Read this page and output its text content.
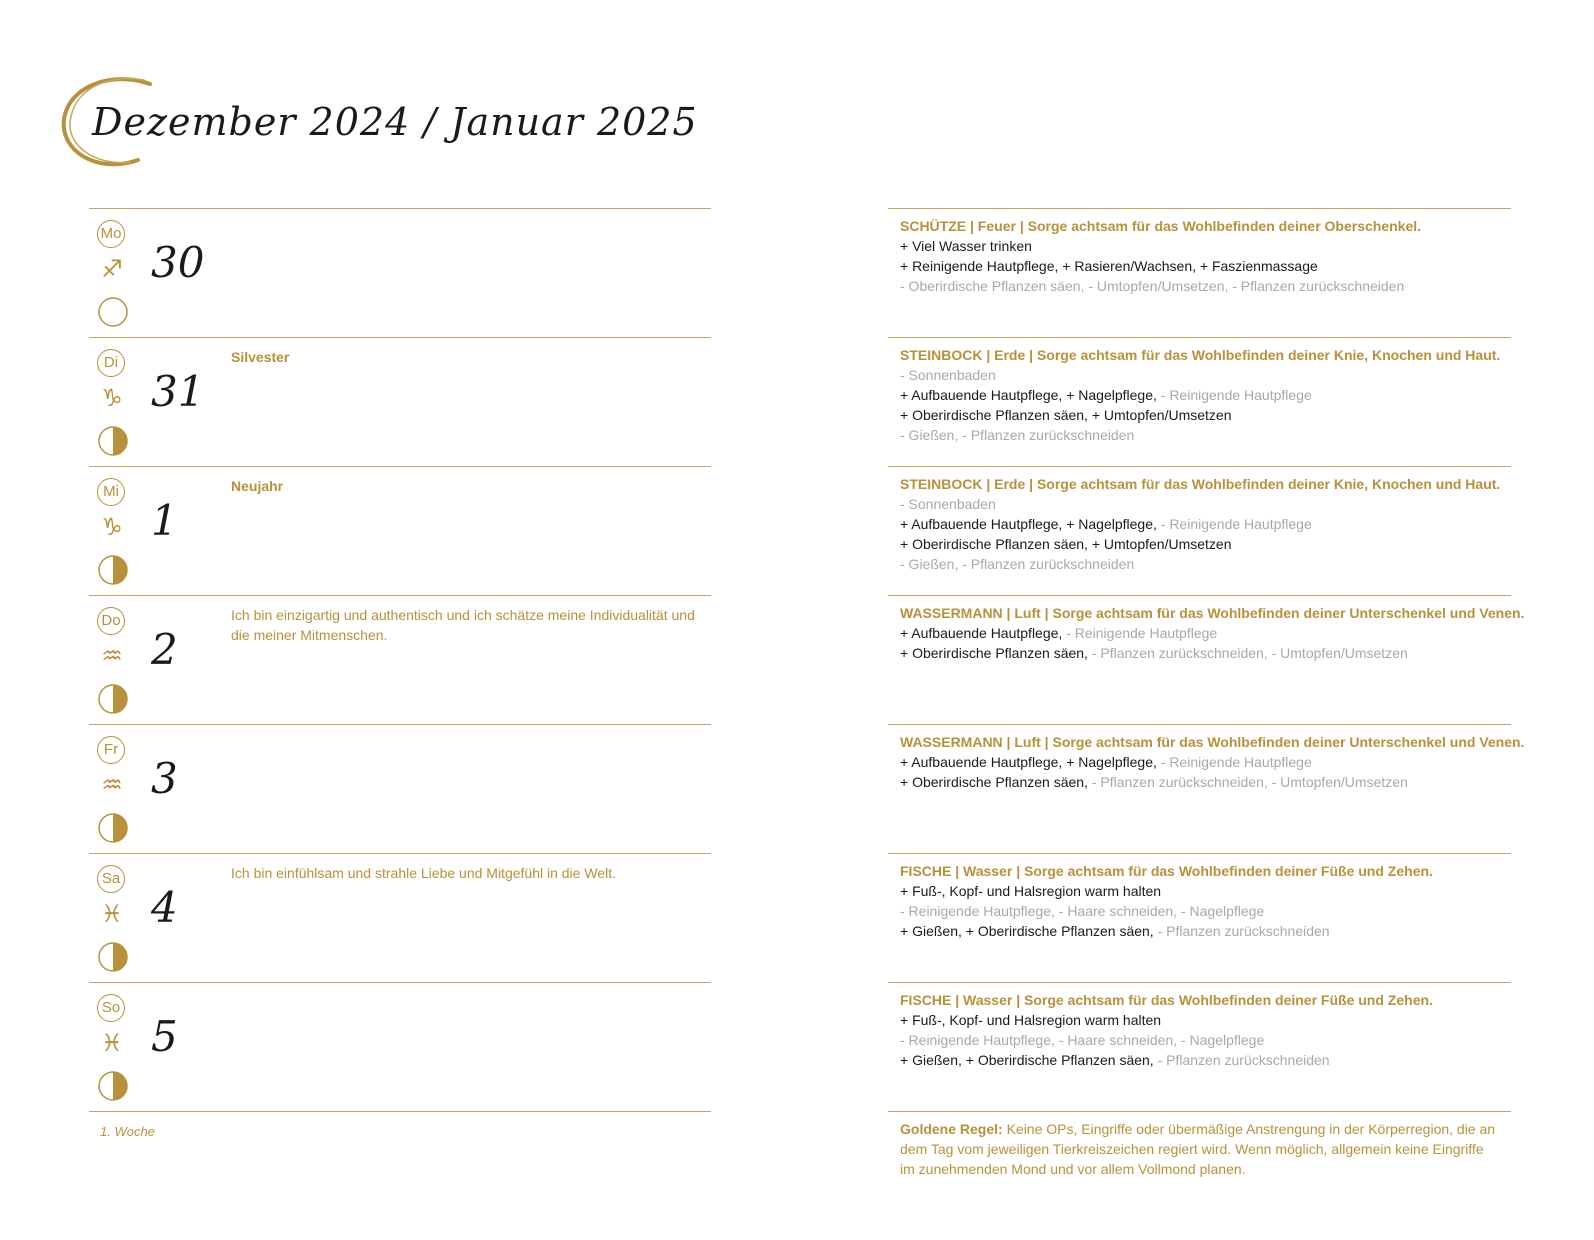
Dezember 2024 / Januar 2025
Mo
♐ 30
Di
♑ 31
Silvester
Mi
♑ 1
Neujahr
Do
♒ 2
Ich bin einzigartig und authentisch und ich schätze meine Individualität und die meiner Mitmenschen.
Fr
♒ 3
Sa
♓ 4
Ich bin einfühlsam und strahle Liebe und Mitgefühl in die Welt.
So
♓ 5
SCHÜTZE | Feuer | Sorge achtsam für das Wohlbefinden deiner Oberschenkel.
+ Viel Wasser trinken
+ Reinigende Hautpflege, + Rasieren/Wachsen, + Faszienmassage
- Oberirdische Pflanzen säen, - Umtopfen/Umsetzen, - Pflanzen zurückschneiden
STEINBOCK | Erde | Sorge achtsam für das Wohlbefinden deiner Knie, Knochen und Haut.
- Sonnenbaden
+ Aufbauende Hautpflege, + Nagelpflege, - Reinigende Hautpflege
+ Oberirdische Pflanzen säen, + Umtopfen/Umsetzen
- Gießen, - Pflanzen zurückschneiden
STEINBOCK | Erde | Sorge achtsam für das Wohlbefinden deiner Knie, Knochen und Haut.
- Sonnenbaden
+ Aufbauende Hautpflege, + Nagelpflege, - Reinigende Hautpflege
+ Oberirdische Pflanzen säen, + Umtopfen/Umsetzen
- Gießen, - Pflanzen zurückschneiden
WASSERMANN | Luft | Sorge achtsam für das Wohlbefinden deiner Unterschenkel und Venen.
+ Aufbauende Hautpflege, - Reinigende Hautpflege
+ Oberirdische Pflanzen säen, - Pflanzen zurückschneiden, - Umtopfen/Umsetzen
WASSERMANN | Luft | Sorge achtsam für das Wohlbefinden deiner Unterschenkel und Venen.
+ Aufbauende Hautpflege, + Nagelpflege, - Reinigende Hautpflege
+ Oberirdische Pflanzen säen, - Pflanzen zurückschneiden, - Umtopfen/Umsetzen
FISCHE | Wasser | Sorge achtsam für das Wohlbefinden deiner Füße und Zehen.
+ Fuß-, Kopf- und Halsregion warm halten
- Reinigende Hautpflege, - Haare schneiden, - Nagelpflege
+ Gießen, + Oberirdische Pflanzen säen, - Pflanzen zurückschneiden
FISCHE | Wasser | Sorge achtsam für das Wohlbefinden deiner Füße und Zehen.
+ Fuß-, Kopf- und Halsregion warm halten
- Reinigende Hautpflege, - Haare schneiden, - Nagelpflege
+ Gießen, + Oberirdische Pflanzen säen, - Pflanzen zurückschneiden
1. Woche	Goldene Regel: Keine OPs, Eingriffe oder übermäßige Anstrengung in der Körperregion, die an dem Tag vom jeweiligen Tierkreiszeichen regiert wird. Wenn möglich, allgemein keine Eingriffe im zunehmenden Mond und vor allem Vollmond planen.
